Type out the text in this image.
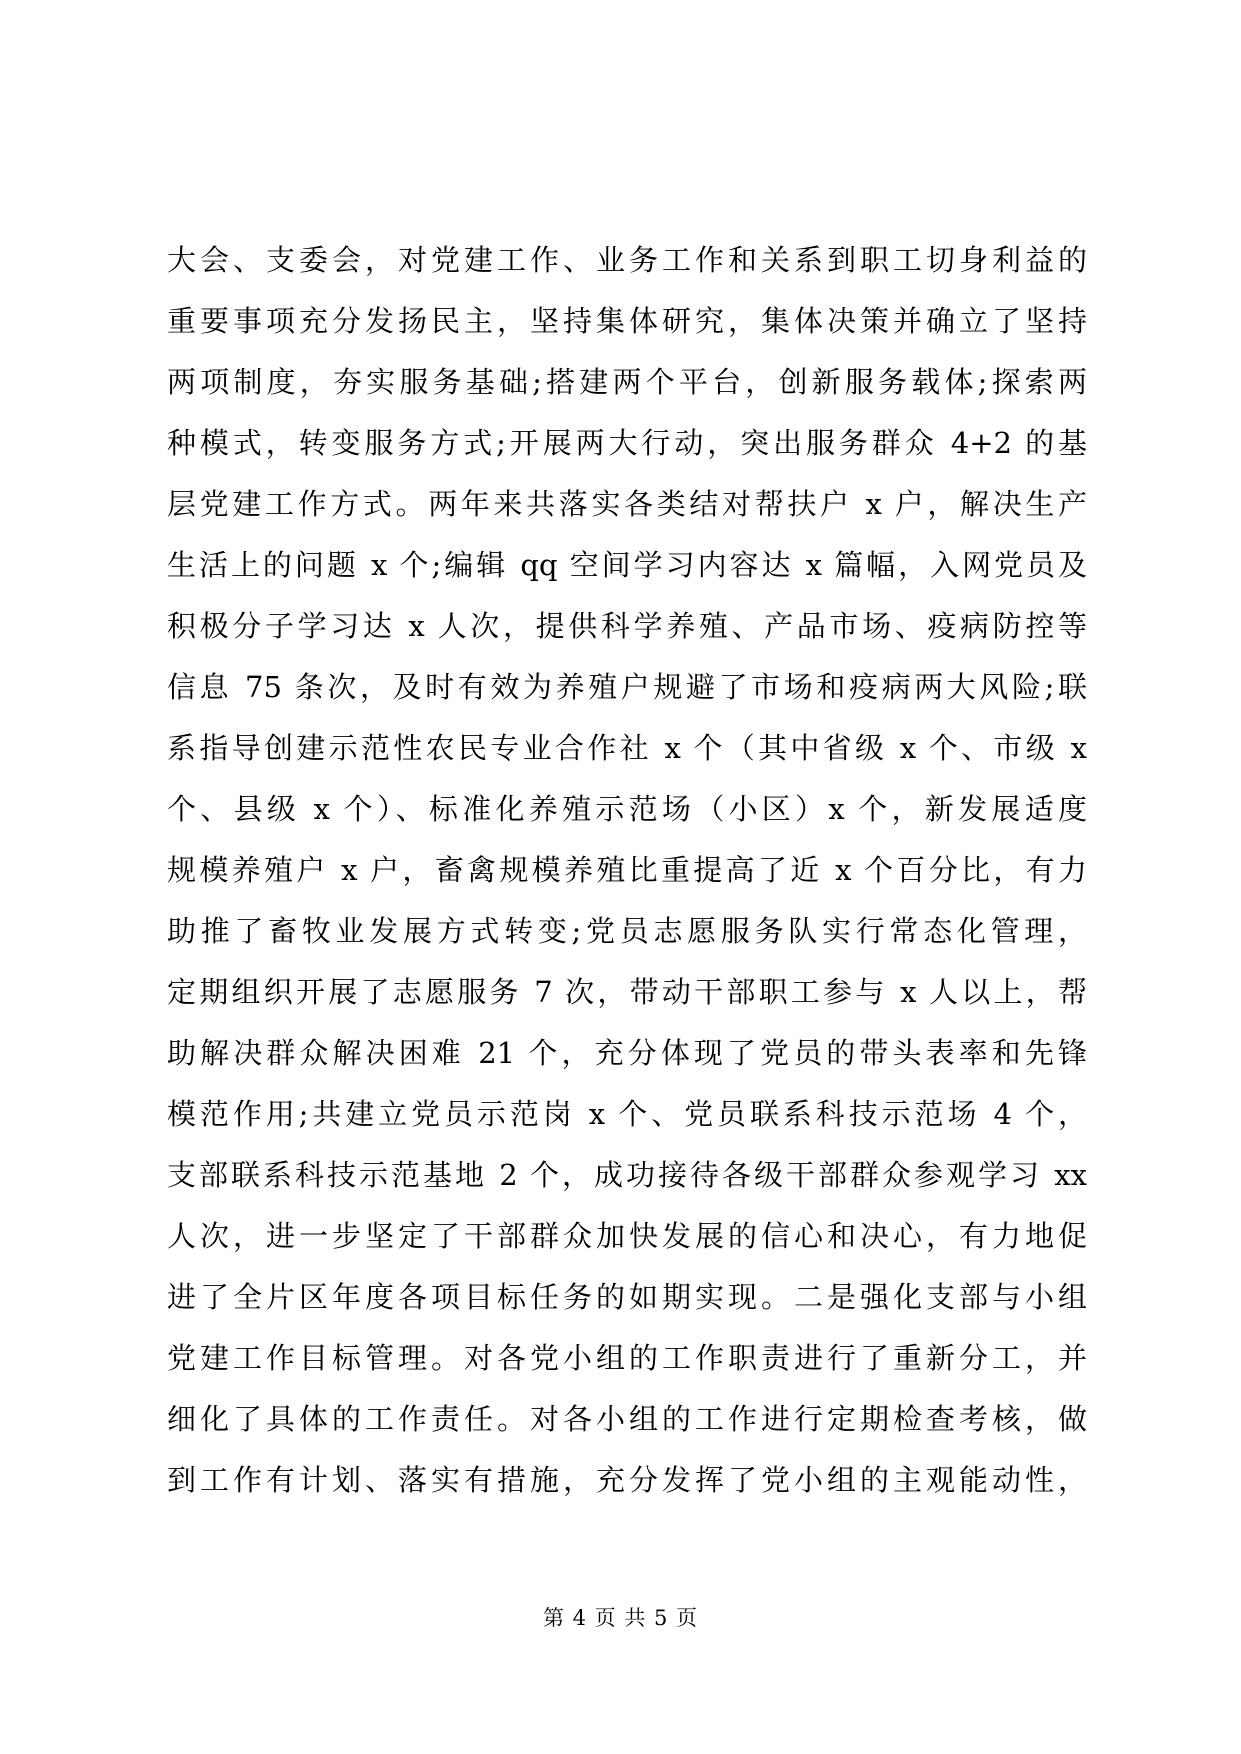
大会、支委会，对党建工作、业务工作和关系到职工切身利益的
重要事项充分发扬民主，坚持集体研究，集体决策并确立了坚持
两项制度，夯实服务基础;搭建两个平台，创新服务载体;探索两
种模式，转变服务方式;开展两大行动，突出服务群众 4+2 的基
层党建工作方式。两年来共落实各类结对帮扶户 x 户，解决生产
生活上的问题 x 个;编辑 qq 空间学习内容达 x 篇幅，入网党员及
积极分子学习达 x 人次，提供科学养殖、产品市场、疫病防控等
信息 75 条次，及时有效为养殖户规避了市场和疫病两大风险;联
系指导创建示范性农民专业合作社 x 个（其中省级 x 个、市级 x
个、县级 x 个）、标准化养殖示范场（小区）x 个，新发展适度
规模养殖户 x 户，畜禽规模养殖比重提高了近 x 个百分比，有力
助推了畜牧业发展方式转变;党员志愿服务队实行常态化管理，
定期组织开展了志愿服务 7 次，带动干部职工参与 x 人以上，帮
助解决群众解决困难 21 个，充分体现了党员的带头表率和先锋
模范作用;共建立党员示范岗 x 个、党员联系科技示范场 4 个，
支部联系科技示范基地 2 个，成功接待各级干部群众参观学习 xx
人次，进一步坚定了干部群众加快发展的信心和决心，有力地促
进了全片区年度各项目标任务的如期实现。二是强化支部与小组
党建工作目标管理。对各党小组的工作职责进行了重新分工，并
细化了具体的工作责任。对各小组的工作进行定期检查考核，做
到工作有计划、落实有措施，充分发挥了党小组的主观能动性，
第 4 页 共 5 页
